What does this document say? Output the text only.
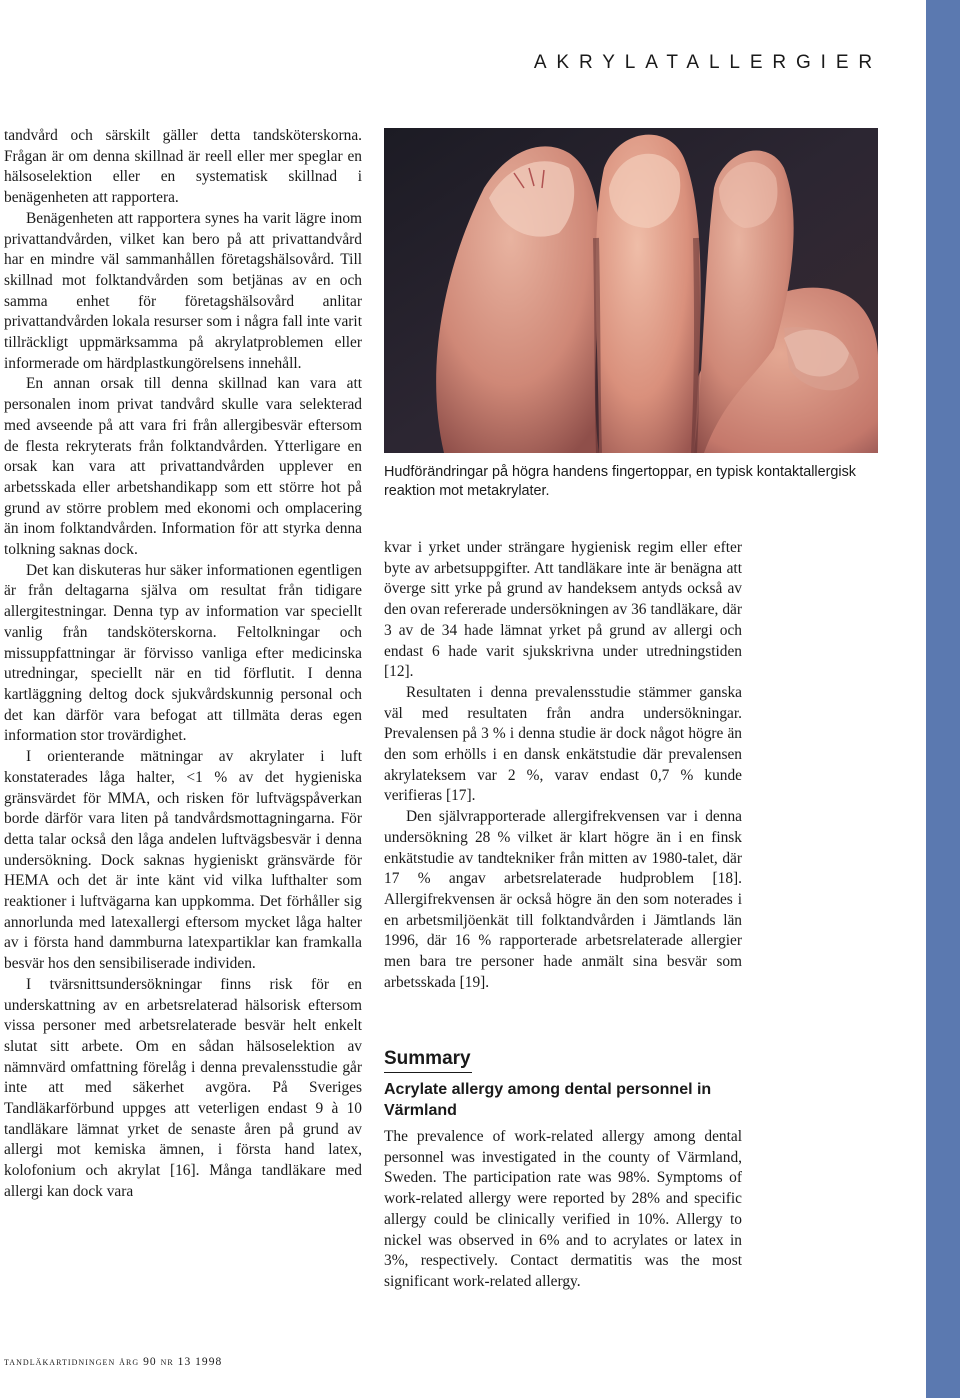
AKRYLATALLERGIER

tandvård och särskilt gäller detta tandsköterskorna. Frågan är om denna skillnad är reell eller mer speglar en hälsoselektion eller en systematisk skillnad i benägenheten att rapportera.

Benägenheten att rapportera synes ha varit lägre inom privattandvården, vilket kan bero på att privattandvård har en mindre väl sammanhållen företagshälsovård. Till skillnad mot folktandvården som betjänas av en och samma enhet för företagshälsovård anlitar privattandvården lokala resurser som i några fall inte varit tillräckligt uppmärksamma på akrylatproblemen eller informerade om härdplastkungörelsens innehåll.

En annan orsak till denna skillnad kan vara att personalen inom privat tandvård skulle vara selekterad med avseende på att vara fri från allergibesvär eftersom de flesta rekryterats från folktandvården. Ytterligare en orsak kan vara att privattandvården upplever en arbetsskada eller arbetshandikapp som ett större hot på grund av större problem med ekonomi och omplacering än inom folktandvården. Information för att styrka denna tolkning saknas dock.

Det kan diskuteras hur säker informationen egentligen är från deltagarna själva om resultat från tidigare allergitestningar. Denna typ av information var speciellt vanlig från tandsköterskorna. Feltolkningar och missuppfattningar är förvisso vanliga efter medicinska utredningar, speciellt när en tid förflutit. I denna kartläggning deltog dock sjukvårdskunnig personal och det kan därför vara befogat att tillmäta deras egen information stor trovärdighet.

I orienterande mätningar av akrylater i luft konstaterades låga halter, <1 % av det hygieniska gränsvärdet för MMA, och risken för luftvägspåverkan borde därför vara liten på tandvårdsmottagningarna. För detta talar också den låga andelen luftvägsbesvär i denna undersökning. Dock saknas hygieniskt gränsvärde för HEMA och det är inte känt vid vilka lufthalter som reaktioner i luftvägarna kan uppkomma. Det förhåller sig annorlunda med latexallergi eftersom mycket låga halter av i första hand dammburna latexpartiklar kan framkalla besvär hos den sensibiliserade individen.

I tvärsnittsundersökningar finns risk för en underskattning av en arbetsrelaterad hälsorisk eftersom vissa personer med arbetsrelaterade besvär helt enkelt slutat sitt arbete. Om en sådan hälsoselektion av nämnvärd omfattning förelåg i denna prevalensstudie går inte att med säkerhet avgöra. På Sveriges Tandläkarförbund uppges att veterligen endast 9 à 10 tandläkare lämnat yrket de senaste åren på grund av allergi mot kemiska ämnen, i första hand latex, kolofonium och akrylat [16]. Många tandläkare med allergi kan dock vara

Hudförändringar på högra handens fingertoppar, en typisk kontaktallergisk reaktion mot metakrylater.

kvar i yrket under strängare hygienisk regim eller efter byte av arbetsuppgifter. Att tandläkare inte är benägna att överge sitt yrke på grund av handeksem antyds också av den ovan refererade undersökningen av 36 tandläkare, där 3 av de 34 hade lämnat yrket på grund av allergi och endast 6 hade varit sjukskrivna under utredningstiden [12].

Resultaten i denna prevalensstudie stämmer ganska väl med resultaten från andra undersökningar. Prevalensen på 3 % i denna studie är dock något högre än den som erhölls i en dansk enkätstudie där prevalensen akrylateksem var 2 %, varav endast 0,7 % kunde verifieras [17].

Den självrapporterade allergifrekvensen var i denna undersökning 28 % vilket är klart högre än i en finsk enkätstudie av tandtekniker från mitten av 1980-talet, där 17 % angav arbetsrelaterade hudproblem [18]. Allergifrekvensen är också högre än den som noterades i en arbetsmiljöenkät till folktandvården i Jämtlands län 1996, där 16 % rapporterade arbetsrelaterade allergier men bara tre personer hade anmält sina besvär som arbetsskada [19].

Summary
Acrylate allergy among dental personnel in Värmland

The prevalence of work-related allergy among dental personnel was investigated in the county of Värmland, Sweden. The participation rate was 98%. Symptoms of work-related allergy were reported by 28% and specific allergy could be clinically verified in 10%. Allergy to nickel was observed in 6% and to acrylates or latex in 3%, respectively. Contact dermatitis was the most significant work-related allergy.

tandläkartidningen årg 90 nr 13 1998
